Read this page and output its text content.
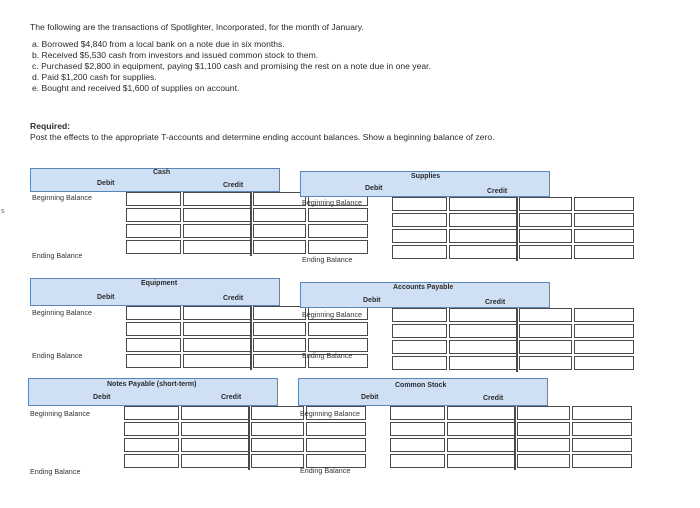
The following are the transactions of Spotlighter, Incorporated, for the month of January.
a. Borrowed $4,840 from a local bank on a note due in six months.
b. Received $5,530 cash from investors and issued common stock to them.
c. Purchased $2,800 in equipment, paying $1,100 cash and promising the rest on a note due in one year.
d. Paid $1,200 cash for supplies.
e. Bought and received $1,600 of supplies on account.
Required:
Post the effects to the appropriate T-accounts and determine ending account balances. Show a beginning balance of zero.
s
Cash
Debit	Credit
Beginning Balance
Ending Balance
Supplies
Debit	Credit
Beginning Balance
Ending Balance
Equipment
Debit	Credit
Beginning Balance
Ending Balance
Accounts Payable
Debit	Credit
Beginning Balance
Ending Balance
Notes Payable (short-term)
Debit	Credit
Beginning Balance
Ending Balance
Common Stock
Debit	Credit
Beginning Balance
Ending Balance
